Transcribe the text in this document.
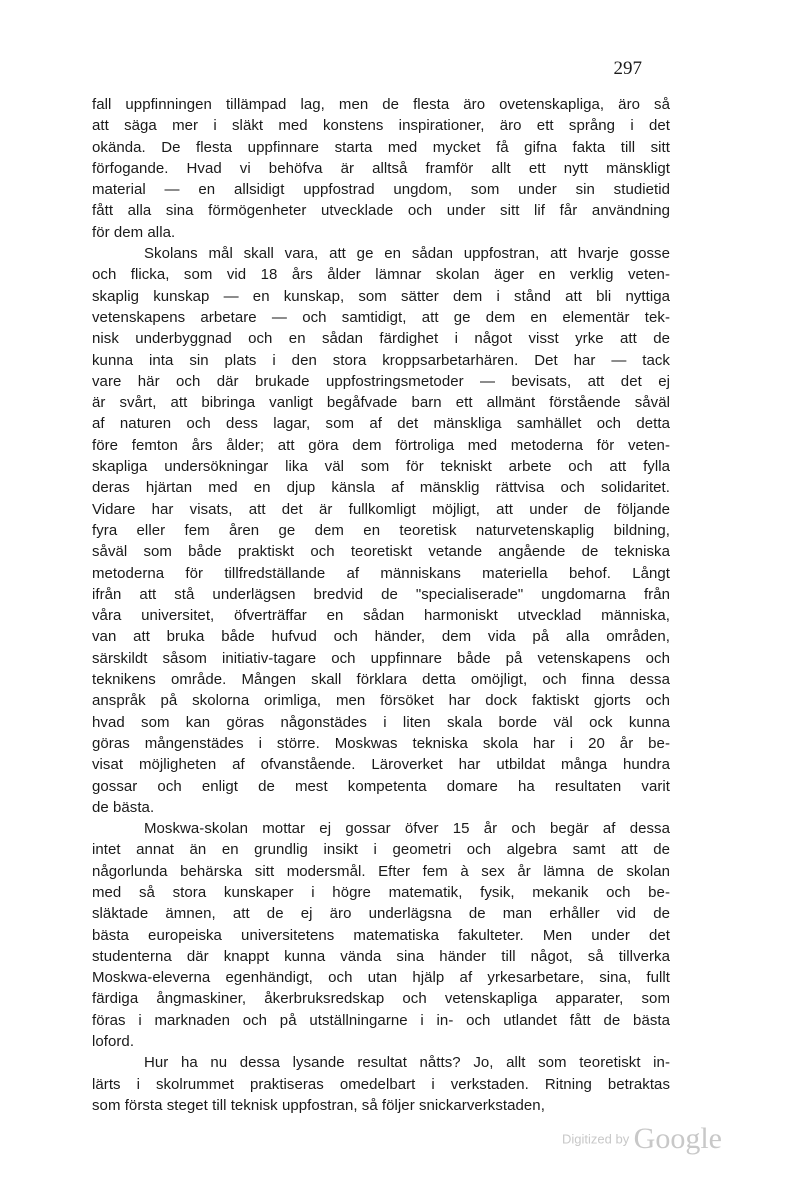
297

fall uppfinningen tillämpad lag, men de flesta äro ovetenskapliga, äro så
att säga mer i släkt med konstens inspirationer, äro ett språng i det
okända. De flesta uppfinnare starta med mycket få gifna fakta till sitt
förfogande. Hvad vi behöfva är alltså framför allt ett nytt mänskligt
material — en allsidigt uppfostrad ungdom, som under sin studietid
fått alla sina förmögenheter utvecklade och under sitt lif får användning
för dem alla.

Skolans mål skall vara, att ge en sådan uppfostran, att hvarje gosse
och flicka, som vid 18 års ålder lämnar skolan äger en verklig veten-
skaplig kunskap — en kunskap, som sätter dem i stånd att bli nyttiga
vetenskapens arbetare — och samtidigt, att ge dem en elementär tek-
nisk underbyggnad och en sådan färdighet i något visst yrke att de
kunna inta sin plats i den stora kroppsarbetarhären. Det har — tack
vare här och där brukade uppfostringsmetoder — bevisats, att det ej
är svårt, att bibringa vanligt begåfvade barn ett allmänt förstående såväl
af naturen och dess lagar, som af det mänskliga samhället och detta
före femton års ålder; att göra dem förtroliga med metoderna för veten-
skapliga undersökningar lika väl som för tekniskt arbete och att fylla
deras hjärtan med en djup känsla af mänsklig rättvisa och solidaritet.
Vidare har visats, att det är fullkomligt möjligt, att under de följande
fyra eller fem åren ge dem en teoretisk naturvetenskaplig bildning,
såväl som både praktiskt och teoretiskt vetande angående de tekniska
metoderna för tillfredställande af människans materiella behof. Långt
ifrån att stå underlägsen bredvid de "specialiserade" ungdomarna från
våra universitet, öfverträffar en sådan harmoniskt utvecklad människa,
van att bruka både hufvud och händer, dem vida på alla områden,
särskildt såsom initiativ-tagare och uppfinnare både på vetenskapens och
teknikens område. Mången skall förklara detta omöjligt, och finna dessa
anspråk på skolorna orimliga, men försöket har dock faktiskt gjorts och
hvad som kan göras någonstädes i liten skala borde väl ock kunna
göras mångenstädes i större. Moskwas tekniska skola har i 20 år be-
visat möjligheten af ofvanstående. Läroverket har utbildat många hundra
gossar och enligt de mest kompetenta domare ha resultaten varit
de bästa.

Moskwa-skolan mottar ej gossar öfver 15 år och begär af dessa
intet annat än en grundlig insikt i geometri och algebra samt att de
någorlunda behärska sitt modersmål. Efter fem à sex år lämna de skolan
med så stora kunskaper i högre matematik, fysik, mekanik och be-
släktade ämnen, att de ej äro underlägsna de man erhåller vid de
bästa europeiska universitetens matematiska fakulteter. Men under det
studenterna där knappt kunna vända sina händer till något, så tillverka
Moskwa-eleverna egenhändigt, och utan hjälp af yrkesarbetare, sina, fullt
färdiga ångmaskiner, åkerbruksredskap och vetenskapliga apparater, som
föras i marknaden och på utställningarne i in- och utlandet fått de bästa
loford.

Hur ha nu dessa lysande resultat nåtts? Jo, allt som teoretiskt in-
lärts i skolrummet praktiseras omedelbart i verkstaden. Ritning betraktas
som första steget till teknisk uppfostran, så följer snickarverkstaden,

Digitized by Google
